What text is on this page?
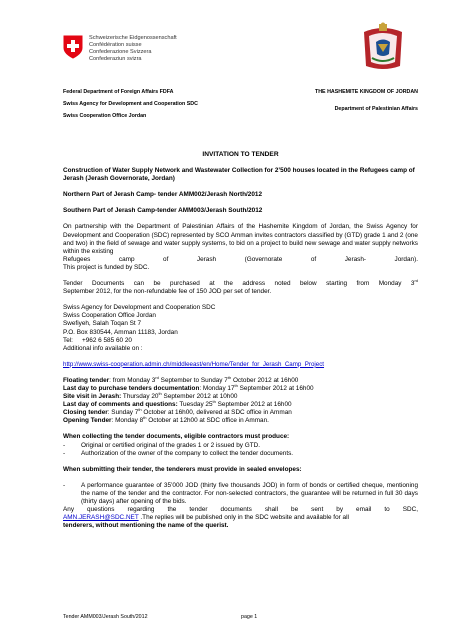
Schweizerische Eidgenossenschaft
Confédération suisse
Confederazione Svizzera
Confederaziun svizra
Federal Department of Foreign Affairs FDFA
Swiss Agency for Development and Cooperation SDC
Swiss Cooperation Office Jordan
THE HASHEMITE KINGDOM OF JORDAN
Department of Palestinian Affairs
INVITATION TO TENDER

Construction of Water Supply Network and Wastewater Collection for 2’500 houses located in the Refugees camp of Jerash (Jerash Governorate, Jordan)

Northern Part of Jerash Camp- tender AMM002/Jerash North/2012

Southern Part of Jerash Camp-tender AMM003/Jerash South/2012

On partnership with the Department of Palestinian Affairs of the Hashemite Kingdom of Jordan, the Swiss Agency for Development and Cooperation (SDC) represented by SCO Amman invites contractors classified by (GTD) grade 1 and 2 (one and two) in the field of sewage and water supply systems, to bid on a project to build new sewage and water supply networks within the existing
Refugees camp of Jerash (Governorate of Jerash- Jordan).
This project is funded by SDC.

Tender Documents can be purchased at the address noted below starting from Monday 3rd
September 2012, for the non-refundable fee of 150 JOD per set of tender.

Swiss Agency for Development and Cooperation SDC
Swiss Cooperation Office Jordan
Swefiyeh, Salah Toqan St 7
P.O. Box 830544, Amman 11183, Jordan
Tel: +962 6 585 60 20
Additional info available on :

http://www.swiss-cooperation.admin.ch/middleeast/en/Home/Tender_for_Jerash_Camp_Project

Floating tender: from Monday 3rd September to Sunday 7th October 2012 at 16h00
Last day to purchase tenders documentation: Monday 17th September 2012 at 16h00
Site visit in Jerash: Thursday 20th September 2012 at 10h00
Last day of comments and questions: Tuesday 25th September 2012 at 16h00
Closing tender: Sunday 7th October at 16h00, delivered at SDC office in Amman
Opening Tender: Monday 8th October at 12h00 at SDC office in Amman.
When collecting the tender documents, eligible contractors must produce:
- Original or certified original of the grades 1 or 2 issued by GTD.
- Authorization of the owner of the company to collect the tender documents.

When submitting their tender, the tenderers must provide in sealed envelopes:

- A performance guarantee of 35’000 JOD (thirty five thousands JOD) in form of bonds or certified cheque, mentioning the name of the tender and the contractor. For non-selected contractors, the guarantee will be returned in full 30 days (thirty days) after opening of the bids.
Any questions regarding the tender documents shall be sent by email to SDC,
AMN.JERASH@SDC.NET .The replies will be published only in the SDC website and available for all
tenderers, without mentioning the name of the querist.
Tender AMM003/Jerash South/2012	page 1
